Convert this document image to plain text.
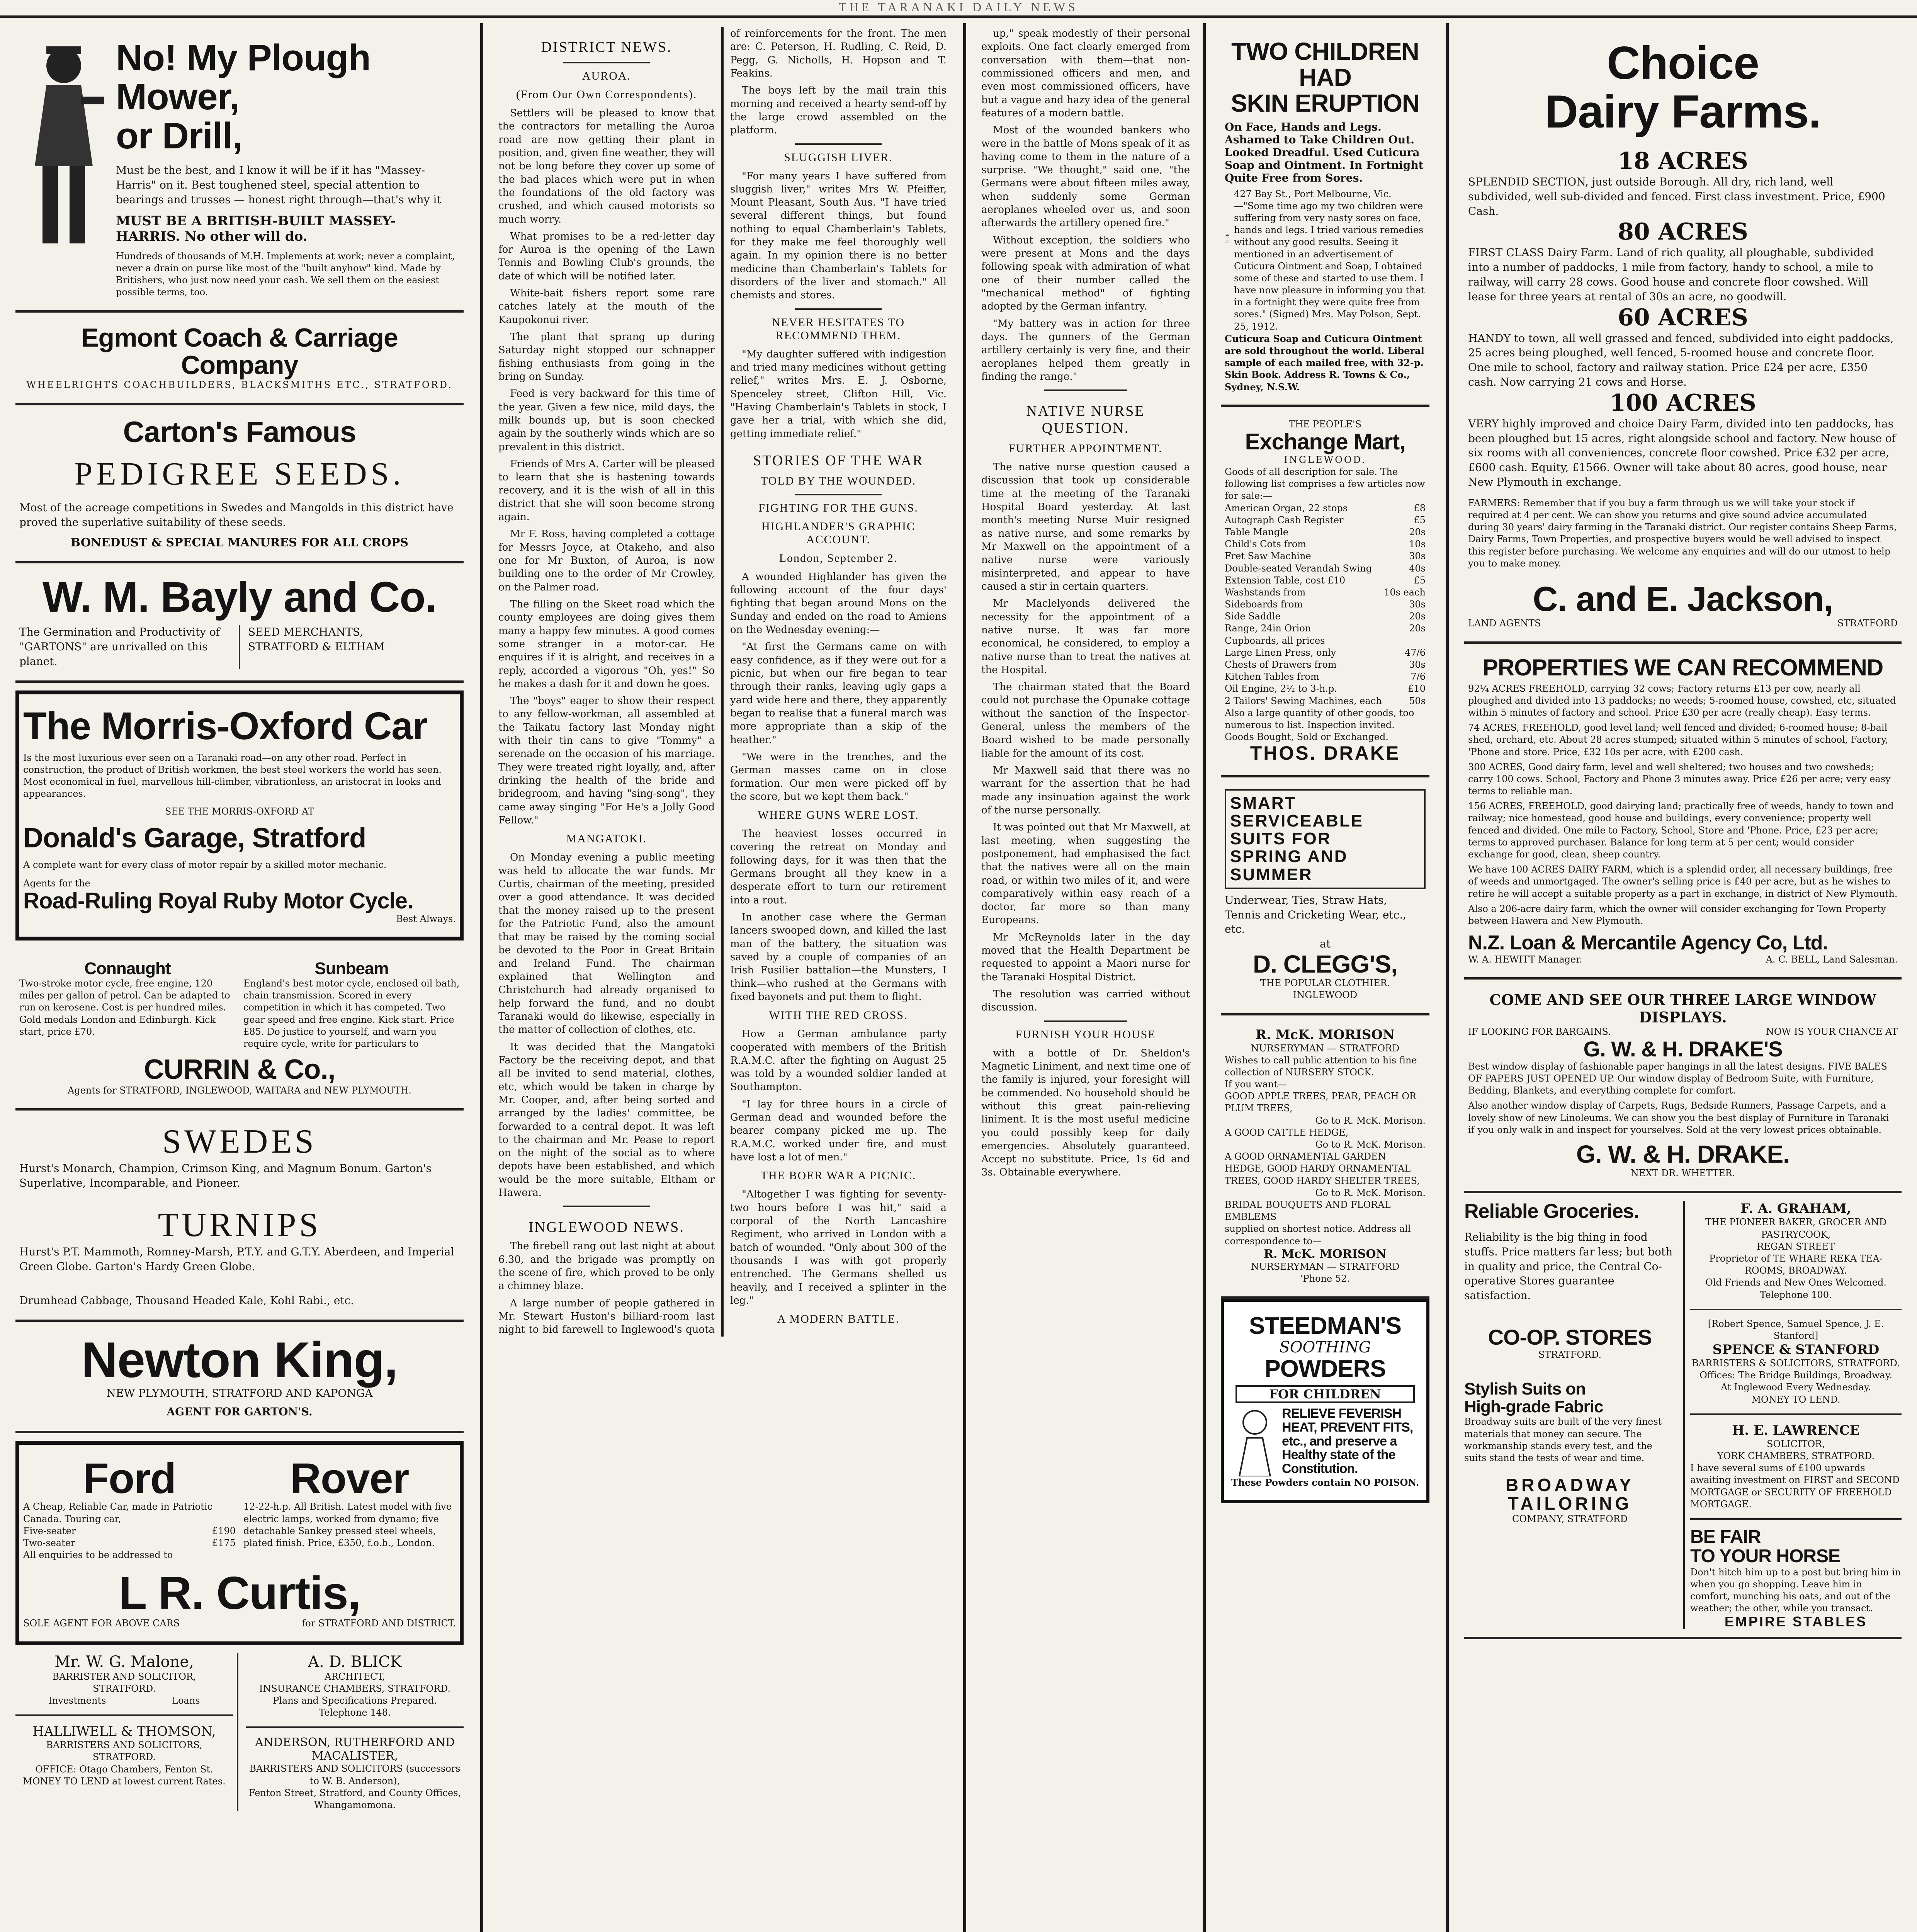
THE TARANAKI DAILY NEWS
No! My Plough Mower,
or Drill,
Must be the best, and I know it will be if it has "Massey-Harris" on it. Best toughened steel, special attention to bearings and trusses — honest right through—that's why it
MUST BE A BRITISH-BUILT MASSEY-HARRIS. No other will do.
Hundreds of thousands of M.H. Implements at work; never a complaint, never a drain on purse like most of the "built anyhow" kind. Made by Britishers, who just now need your cash. We sell them on the easiest possible terms, too.
Egmont Coach & Carriage Company
WHEELRIGHTS COACHBUILDERS, BLACKSMITHS ETC., STRATFORD.
Carton's Famous
PEDIGREE SEEDS.
Most of the acreage competitions in Swedes and Mangolds in this district have proved the superlative suitability of these seeds.
BONEDUST & SPECIAL MANURES FOR ALL CROPS
W. M. Bayly and Co.
The Germination and Productivity of "GARTONS" are unrivalled on this planet.
SEED MERCHANTS,
STRATFORD & ELTHAM
The Morris-Oxford Car
Is the most luxurious ever seen on a Taranaki road—on any other road. Perfect in construction, the product of British workmen, the best steel workers the world has seen. Most economical in fuel, marvellous hill-climber, vibrationless, an aristocrat in looks and appearances.
SEE THE MORRIS-OXFORD AT
Donald's Garage, Stratford
A complete want for every class of motor repair by a skilled motor mechanic.
Agents for the
Road-Ruling Royal Ruby Motor Cycle.
Best Always.
Connaught
Two-stroke motor cycle, free engine, 120 miles per gallon of petrol. Can be adapted to run on kerosene. Cost is per hundred miles. Gold medals London and Edinburgh. Kick start, price £70.
Sunbeam
England's best motor cycle, enclosed oil bath, chain transmission. Scored in every competition in which it has competed. Two gear speed and free engine. Kick start. Price £85. Do justice to yourself, and warn you require cycle, write for particulars to
CURRIN & Co.,
Agents for STRATFORD, INGLEWOOD, WAITARA and NEW PLYMOUTH.
SWEDES
Hurst's Monarch, Champion, Crimson King, and Magnum Bonum. Garton's Superlative, Incomparable, and Pioneer.
TURNIPS
Hurst's P.T. Mammoth, Romney-Marsh, P.T.Y. and G.T.Y. Aberdeen, and Imperial Green Globe. Garton's Hardy Green Globe.
Drumhead Cabbage, Thousand Headed Kale, Kohl Rabi., etc.
Newton King,
NEW PLYMOUTH, STRATFORD AND KAPONGA
AGENT FOR GARTON'S.
Ford
A Cheap, Reliable Car, made in Patriotic Canada. Touring car,
Five-seater	£190
Two-seater	£175
All enquiries to be addressed to
Rover
12-22-h.p. All British. Latest model with five electric lamps, worked from dynamo; five detachable Sankey pressed steel wheels, plated finish. Price, £350, f.o.b., London.
L R. Curtis,
SOLE AGENT FOR ABOVE CARS	for STRATFORD AND DISTRICT.
Mr. W. G. Malone,
BARRISTER AND SOLICITOR,
STRATFORD.
Investments	Loans
HALLIWELL & THOMSON,
BARRISTERS AND SOLICITORS, STRATFORD.
OFFICE: Otago Chambers, Fenton St.
MONEY TO LEND at lowest current Rates.
A. D. BLICK
ARCHITECT,
INSURANCE CHAMBERS, STRATFORD.
Plans and Specifications Prepared.
Telephone 148.
ANDERSON, RUTHERFORD AND MACALISTER,
BARRISTERS AND SOLICITORS (successors to W. B. Anderson),
Fenton Street, Stratford, and County Offices, Whangamomona.
DISTRICT NEWS.
AUROA.
(From Our Own Correspondents).

Settlers will be pleased to know that the contractors for metalling the Auroa road are now getting their plant in position, and, given fine weather, they will not be long before they cover up some of the bad places which were put in when the foundations of the old factory was crushed, and which caused motorists so much worry.

What promises to be a red-letter day for Auroa is the opening of the Lawn Tennis and Bowling Club's grounds, the date of which will be notified later.

White-bait fishers report some rare catches lately at the mouth of the Kaupokonui river.

The plant that sprang up during Saturday night stopped our schnapper fishing enthusiasts from going in the bring on Sunday.

Feed is very backward for this time of the year. Given a few nice, mild days, the milk bounds up, but is soon checked again by the southerly winds which are so prevalent in this district.

Friends of Mrs A. Carter will be pleased to learn that she is hastening towards recovery, and it is the wish of all in this district that she will soon become strong again.

Mr F. Ross, having completed a cottage for Messrs Joyce, at Otakeho, and also one for Mr Buxton, of Auroa, is now building one to the order of Mr Crowley, on the Palmer road.

The filling on the Skeet road which the county employees are doing gives them many a happy few minutes. A good comes some stranger in a motor-car. He enquires if it is alright, and receives in a reply, accorded a vigorous "Oh, yes!" So he makes a dash for it and down he goes.

The "boys" eager to show their respect to any fellow-workman, all assembled at the Taikatu factory last Monday night with their tin cans to give "Tommy" a serenade on the occasion of his marriage. They were treated right loyally, and, after drinking the health of the bride and bridegroom, and having "sing-song", they came away singing "For He's a Jolly Good Fellow."

MANGATOKI.

On Monday evening a public meeting was held to allocate the war funds. Mr Curtis, chairman of the meeting, presided over a good attendance. It was decided that the money raised up to the present for the Patriotic Fund, also the amount that may be raised by the coming social be devoted to the Poor in Great Britain and Ireland Fund. The chairman explained that Wellington and Christchurch had already organised to help forward the fund, and no doubt Taranaki would do likewise, especially in the matter of collection of clothes, etc.

It was decided that the Mangatoki Factory be the receiving depot, and that all be invited to send material, clothes, etc, which would be taken in charge by Mr. Cooper, and, after being sorted and arranged by the ladies' committee, be forwarded to a central depot. It was left to the chairman and Mr. Pease to report on the night of the social as to where depots have been established, and which would be the more suitable, Eltham or Hawera.

INGLEWOOD NEWS.

The firebell rang out last night at about 6.30, and the brigade was promptly on the scene of fire, which proved to be only a chimney blaze.

A large number of people gathered in Mr. Stewart Huston's billiard-room last night to bid farewell to Inglewood's quota of reinforcements for the front. The men are: C. Peterson, H. Rudling, C. Reid, D. Pegg, G. Nicholls, H. Hopson and T. Feakins.

The boys left by the mail train this morning and received a hearty send-off by the large crowd assembled on the platform.

SLUGGISH LIVER.

"For many years I have suffered from sluggish liver," writes Mrs W. Pfeiffer, Mount Pleasant, South Aus. "I have tried several different things, but found nothing to equal Chamberlain's Tablets, for they make me feel thoroughly well again. In my opinion there is no better medicine than Chamberlain's Tablets for disorders of the liver and stomach." All chemists and stores.

NEVER HESITATES TO RECOMMEND THEM.

"My daughter suffered with indigestion and tried many medicines without getting relief," writes Mrs. E. J. Osborne, Spenceley street, Clifton Hill, Vic. "Having Chamberlain's Tablets in stock, I gave her a trial, with which she did, getting immediate relief."

STORIES OF THE WAR
TOLD BY THE WOUNDED.
FIGHTING FOR THE GUNS.
HIGHLANDER'S GRAPHIC ACCOUNT.
London, September 2.

A wounded Highlander has given the following account of the four days' fighting that began around Mons on the Sunday and ended on the road to Amiens on the Wednesday evening:—

"At first the Germans came on with easy confidence, as if they were out for a picnic, but when our fire began to tear through their ranks, leaving ugly gaps a yard wide here and there, they apparently began to realise that a funeral march was more appropriate than a skip of the heather."

"We were in the trenches, and the German masses came on in close formation. Our men were picked off by the score, but we kept them back."

WHERE GUNS WERE LOST.

The heaviest losses occurred in covering the retreat on Monday and following days, for it was then that the Germans brought all they knew in a desperate effort to turn our retirement into a rout.

In another case where the German lancers swooped down, and killed the last man of the battery, the situation was saved by a couple of companies of an Irish Fusilier battalion—the Munsters, I think—who rushed at the Germans with fixed bayonets and put them to flight.

WITH THE RED CROSS.

How a German ambulance party cooperated with members of the British R.A.M.C. after the fighting on August 25 was told by a wounded soldier landed at Southampton.

"I lay for three hours in a circle of German dead and wounded before the bearer company picked me up. The R.A.M.C. worked under fire, and must have lost a lot of men."

THE BOER WAR A PICNIC.

"Altogether I was fighting for seventy-two hours before I was hit," said a corporal of the North Lancashire Regiment, who arrived in London with a batch of wounded. "Only about 300 of the thousands I was with got properly entrenched. The Germans shelled us heavily, and I received a splinter in the leg."

A MODERN BATTLE.

up," speak modestly of their personal exploits. One fact clearly emerged from conversation with them—that non-commissioned officers and men, and even most commissioned officers, have but a vague and hazy idea of the general features of a modern battle.

Most of the wounded bankers who were in the battle of Mons speak of it as having come to them in the nature of a surprise. "We thought," said one, "the Germans were about fifteen miles away, when suddenly some German aeroplanes wheeled over us, and soon afterwards the artillery opened fire."

Without exception, the soldiers who were present at Mons and the days following speak with admiration of what one of their number called the "mechanical method" of fighting adopted by the German infantry.

"My battery was in action for three days. The gunners of the German artillery certainly is very fine, and their aeroplanes helped them greatly in finding the range."

NATIVE NURSE QUESTION.
FURTHER APPOINTMENT.

The native nurse question caused a discussion that took up considerable time at the meeting of the Taranaki Hospital Board yesterday. At last month's meeting Nurse Muir resigned as native nurse, and some remarks by Mr Maxwell on the appointment of a native nurse were variously misinterpreted, and appear to have caused a stir in certain quarters.

Mr Maclelyonds delivered the necessity for the appointment of a native nurse. It was far more economical, he considered, to employ a native nurse than to treat the natives at the Hospital.

The chairman stated that the Board could not purchase the Opunake cottage without the sanction of the Inspector-General, unless the members of the Board wished to be made personally liable for the amount of its cost.

Mr Maxwell said that there was no warrant for the assertion that he had made any insinuation against the work of the nurse personally.

It was pointed out that Mr Maxwell, at last meeting, when suggesting the postponement, had emphasised the fact that the natives were all on the main road, or within two miles of it, and were comparatively within easy reach of a doctor, far more so than many Europeans.

Mr McReynolds later in the day moved that the Health Department be requested to appoint a Maori nurse for the Taranaki Hospital District.

The resolution was carried without discussion.

FURNISH YOUR HOUSE

with a bottle of Dr. Sheldon's Magnetic Liniment, and next time one of the family is injured, your foresight will be commended. No household should be without this great pain-relieving liniment. It is the most useful medicine you could possibly keep for daily emergencies. Absolutely guaranteed. Accept no substitute. Price, 1s 6d and 3s. Obtainable everywhere.

TWO CHILDREN HAD
SKIN ERUPTION
On Face, Hands and Legs. Ashamed to Take Children Out. Looked Dreadful. Used Cuticura Soap and Ointment. In Fortnight Quite Free from Sores.
427 Bay St., Port Melbourne, Vic.—"Some time ago my two children were suffering from very nasty sores on face, hands and legs. I tried various remedies without any good results. Seeing it mentioned in an advertisement of Cuticura Ointment and Soap, I obtained some of these and started to use them. I have now pleasure in informing you that in a fortnight they were quite free from sores." (Signed) Mrs. May Polson, Sept. 25, 1912.
Cuticura Soap and Cuticura Ointment are sold throughout the world. Liberal sample of each mailed free, with 32-p. Skin Book. Address R. Towns & Co., Sydney, N.S.W.
THE PEOPLE'S
Exchange Mart,
INGLEWOOD.
Goods of all description for sale. The following list comprises a few articles now for sale:—
American Organ, 22 stops	£8
Autograph Cash Register	£5
Table Mangle	20s
Child's Cots from	10s
Fret Saw Machine	30s
Double-seated Verandah Swing	40s
Extension Table, cost £10	£5
Washstands from	10s each
Sideboards from	30s
Side Saddle	20s
Range, 24in Orion	20s
Cupboards, all prices
Large Linen Press, only	47/6
Chests of Drawers from	30s
Kitchen Tables from	7/6
Oil Engine, 2½ to 3-h.p.	£10
2 Tailors' Sewing Machines, each	50s
Also a large quantity of other goods, too numerous to list. Inspection invited. Goods Bought, Sold or Exchanged.
THOS. DRAKE
SMART
SERVICEABLE
SUITS FOR
SPRING AND
SUMMER
Underwear, Ties, Straw Hats, Tennis and Cricketing Wear, etc., etc.
at
D. CLEGG'S,
THE POPULAR CLOTHIER.
INGLEWOOD
R. McK. MORISON
NURSERYMAN — STRATFORD
Wishes to call public attention to his fine collection of NURSERY STOCK.
If you want—
GOOD APPLE TREES, PEAR, PEACH OR PLUM TREES,
Go to R. McK. Morison.
A GOOD CATTLE HEDGE,
Go to R. McK. Morison.
A GOOD ORNAMENTAL GARDEN HEDGE, GOOD HARDY ORNAMENTAL TREES, GOOD HARDY SHELTER TREES,
Go to R. McK. Morison.
BRIDAL BOUQUETS AND FLORAL EMBLEMS
supplied on shortest notice. Address all correspondence to—
R. McK. MORISON
NURSERYMAN — STRATFORD
'Phone 52.
STEEDMAN'S
SOOTHING
POWDERS
FOR CHILDREN
RELIEVE FEVERISH HEAT, PREVENT FITS, etc., and preserve a Healthy state of the Constitution.
These Powders contain NO POISON.
Choice
Dairy Farms.
18 ACRES
SPLENDID SECTION, just outside Borough. All dry, rich land, well subdivided, well sub-divided and fenced. First class investment. Price, £900 Cash.
80 ACRES
FIRST CLASS Dairy Farm. Land of rich quality, all ploughable, subdivided into a number of paddocks, 1 mile from factory, handy to school, a mile to railway, will carry 28 cows. Good house and concrete floor cowshed. Will lease for three years at rental of 30s an acre, no goodwill.
60 ACRES
HANDY to town, all well grassed and fenced, subdivided into eight paddocks, 25 acres being ploughed, well fenced, 5-roomed house and concrete floor. One mile to school, factory and railway station. Price £24 per acre, £350 cash. Now carrying 21 cows and Horse.
100 ACRES
VERY highly improved and choice Dairy Farm, divided into ten paddocks, has been ploughed but 15 acres, right alongside school and factory. New house of six rooms with all conveniences, concrete floor cowshed. Price £32 per acre, £600 cash. Equity, £1566. Owner will take about 80 acres, good house, near New Plymouth in exchange.
FARMERS: Remember that if you buy a farm through us we will take your stock if required at 4 per cent. We can show you returns and give sound advice accumulated during 30 years' dairy farming in the Taranaki district. Our register contains Sheep Farms, Dairy Farms, Town Properties, and prospective buyers would be well advised to inspect this register before purchasing. We welcome any enquiries and will do our utmost to help you to make money.
C. and E. Jackson,
LAND AGENTS	STRATFORD
PROPERTIES WE CAN RECOMMEND
92¼ ACRES FREEHOLD, carrying 32 cows; Factory returns £13 per cow, nearly all ploughed and divided into 13 paddocks; no weeds; 5-roomed house, cowshed, etc, situated within 5 minutes of factory and school. Price £30 per acre (really cheap). Easy terms.
74 ACRES, FREEHOLD, good level land; well fenced and divided; 6-roomed house; 8-bail shed, orchard, etc. About 28 acres stumped; situated within 5 minutes of school, Factory, 'Phone and store. Price, £32 10s per acre, with £200 cash.
300 ACRES, Good dairy farm, level and well sheltered; two houses and two cowsheds; carry 100 cows. School, Factory and Phone 3 minutes away. Price £26 per acre; very easy terms to reliable man.
156 ACRES, FREEHOLD, good dairying land; practically free of weeds, handy to town and railway; nice homestead, good house and buildings, every convenience; property well fenced and divided. One mile to Factory, School, Store and 'Phone. Price, £23 per acre; terms to approved purchaser. Balance for long term at 5 per cent; would consider exchange for good, clean, sheep country.
We have 100 ACRES DAIRY FARM, which is a splendid order, all necessary buildings, free of weeds and unmortgaged. The owner's selling price is £40 per acre, but as he wishes to retire he will accept a suitable property as a part in exchange, in district of New Plymouth.
Also a 206-acre dairy farm, which the owner will consider exchanging for Town Property between Hawera and New Plymouth.
N.Z. Loan & Mercantile Agency Co, Ltd.
W. A. HEWITT Manager.	A. C. BELL, Land Salesman.
COME AND SEE OUR THREE LARGE WINDOW DISPLAYS.
IF LOOKING FOR BARGAINS.	NOW IS YOUR CHANCE AT
G. W. & H. DRAKE'S
Best window display of fashionable paper hangings in all the latest designs. FIVE BALES OF PAPERS JUST OPENED UP. Our window display of Bedroom Suite, with Furniture, Bedding, Blankets, and everything complete for comfort.
Also another window display of Carpets, Rugs, Bedside Runners, Passage Carpets, and a lovely show of new Linoleums. We can show you the best display of Furniture in Taranaki if you only walk in and inspect for yourselves. Sold at the very lowest prices obtainable.
G. W. & H. DRAKE.
NEXT DR. WHETTER.
Reliable Groceries.
Reliability is the big thing in food stuffs. Price matters far less; but both in quality and price, the Central Co-operative Stores guarantee satisfaction.
CO-OP. STORES
STRATFORD.
Stylish Suits on
High-grade Fabric
Broadway suits are built of the very finest materials that money can secure. The workmanship stands every test, and the suits stand the tests of wear and time.
BROADWAY
TAILORING
COMPANY, STRATFORD
F. A. GRAHAM,
THE PIONEER BAKER, GROCER AND PASTRYCOOK,
REGAN STREET
Proprietor of TE WHARE REKA TEA-ROOMS, BROADWAY.
Old Friends and New Ones Welcomed.
Telephone 100.
[Robert Spence, Samuel Spence, J. E. Stanford]
SPENCE & STANFORD
BARRISTERS & SOLICITORS, STRATFORD.
Offices: The Bridge Buildings, Broadway.
At Inglewood Every Wednesday.
MONEY TO LEND.
H. E. LAWRENCE
SOLICITOR,
YORK CHAMBERS, STRATFORD.
I have several sums of £100 upwards awaiting investment on FIRST and SECOND MORTGAGE or SECURITY OF FREEHOLD MORTGAGE.
BE FAIR
TO YOUR HORSE
Don't hitch him up to a post but bring him in when you go shopping. Leave him in comfort, munching his oats, and out of the weather; the other, while you transact.
EMPIRE STABLES
